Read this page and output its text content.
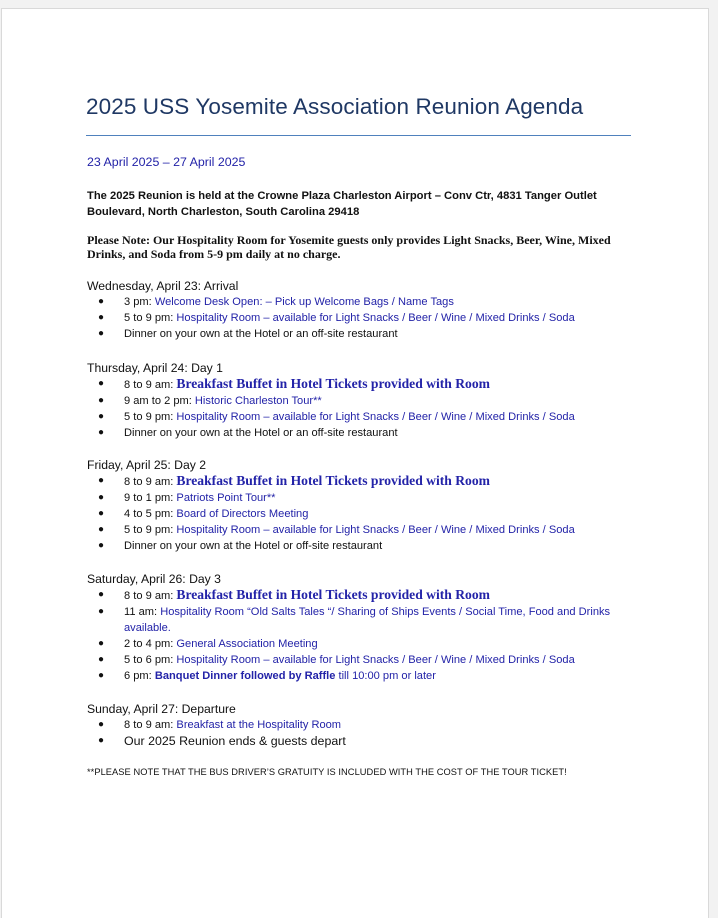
2025 USS Yosemite Association Reunion Agenda
23 April 2025 – 27 April 2025
The 2025 Reunion is held at the Crowne Plaza Charleston Airport – Conv Ctr, 4831 Tanger Outlet Boulevard, North Charleston, South Carolina 29418
Please Note: Our Hospitality Room for Yosemite guests only provides Light Snacks, Beer, Wine, Mixed Drinks, and Soda from 5-9 pm daily at no charge.
Wednesday, April 23: Arrival
● 3 pm: Welcome Desk Open: – Pick up Welcome Bags / Name Tags
● 5 to 9 pm: Hospitality Room – available for Light Snacks / Beer / Wine / Mixed Drinks / Soda
● Dinner on your own at the Hotel or an off-site restaurant
Thursday, April 24: Day 1
● 8 to 9 am: Breakfast Buffet in Hotel Tickets provided with Room
● 9 am to 2 pm: Historic Charleston Tour**
● 5 to 9 pm: Hospitality Room – available for Light Snacks / Beer / Wine / Mixed Drinks / Soda
● Dinner on your own at the Hotel or an off-site restaurant
Friday, April 25: Day 2
● 8 to 9 am: Breakfast Buffet in Hotel Tickets provided with Room
● 9 to 1 pm: Patriots Point Tour**
● 4 to 5 pm: Board of Directors Meeting
● 5 to 9 pm: Hospitality Room – available for Light Snacks / Beer / Wine / Mixed Drinks / Soda
● Dinner on your own at the Hotel or off-site restaurant
Saturday, April 26: Day 3
● 8 to 9 am: Breakfast Buffet in Hotel Tickets provided with Room
● 11 am: Hospitality Room “Old Salts Tales “/ Sharing of Ships Events / Social Time, Food and Drinks available.
● 2 to 4 pm: General Association Meeting
● 5 to 6 pm: Hospitality Room – available for Light Snacks / Beer / Wine / Mixed Drinks / Soda
● 6 pm: Banquet Dinner followed by Raffle till 10:00 pm or later
Sunday, April 27: Departure
● 8 to 9 am: Breakfast at the Hospitality Room
● Our 2025 Reunion ends & guests depart
**PLEASE NOTE THAT THE BUS DRIVER’S GRATUITY IS INCLUDED WITH THE COST OF THE TOUR TICKET!
